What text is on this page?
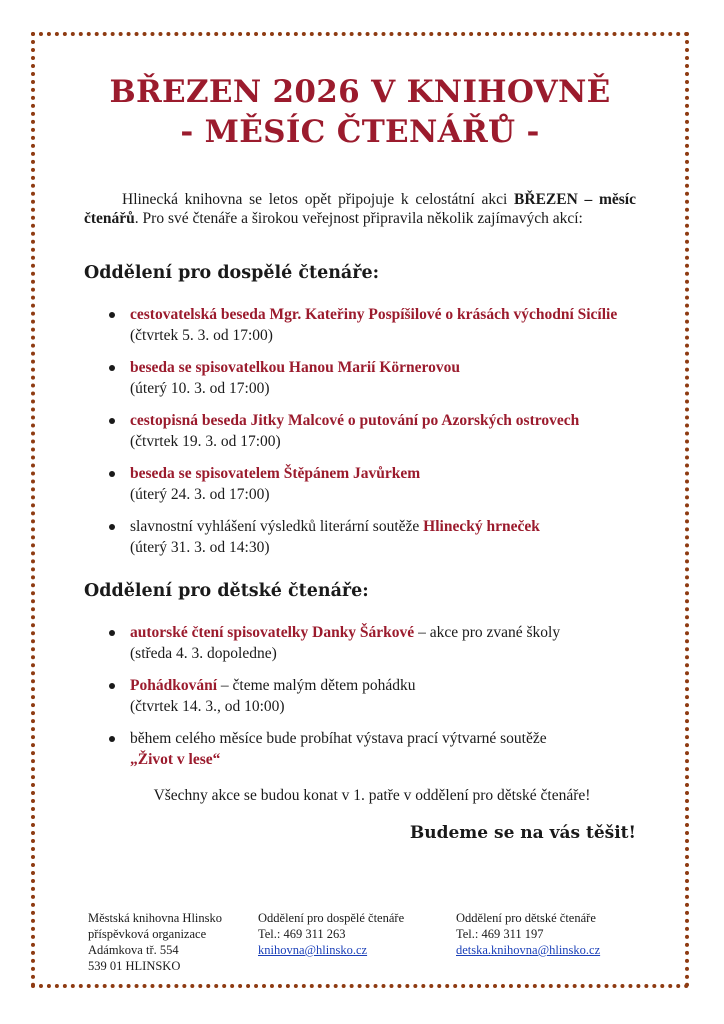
BŘEZEN 2026 V KNIHOVNĚ
- MĚSÍC ČTENÁŘŮ -

Hlinecká knihovna se letos opět připojuje k celostátní akci BŘEZEN – měsíc čtenářů. Pro své čtenáře a širokou veřejnost připravila několik zajímavých akcí:

Oddělení pro dospělé čtenáře:
cestovatelská beseda Mgr. Kateřiny Pospíšilové o krásách východní Sicílie (čtvrtek 5. 3. od 17:00)
beseda se spisovatelkou Hanou Marií Körnerovou
(úterý 10. 3. od 17:00)
cestopisná beseda Jitky Malcové o putování po Azorských ostrovech
(čtvrtek 19. 3. od 17:00)
beseda se spisovatelem Štěpánem Javůrkem
(úterý 24. 3. od 17:00)
slavnostní vyhlášení výsledků literární soutěže Hlinecký hrneček
(úterý 31. 3. od 14:30)
Oddělení pro dětské čtenáře:
autorské čtení spisovatelky Danky Šárkové – akce pro zvané školy
(středa 4. 3. dopoledne)
Pohádkování – čteme malým dětem pohádku
(čtvrtek 14. 3., od 10:00)
během celého měsíce bude probíhat výstava prací výtvarné soutěže
„Život v lese“

Všechny akce se budou konat v 1. patře v oddělení pro dětské čtenáře!

Budeme se na vás těšit!

Městská knihovna Hlinsko
příspěvková organizace
Adámkova tř. 554
539 01 HLINSKO
Oddělení pro dospělé čtenáře
Tel.: 469 311 263
knihovna@hlinsko.cz
Oddělení pro dětské čtenáře
Tel.: 469 311 197
detska.knihovna@hlinsko.cz
